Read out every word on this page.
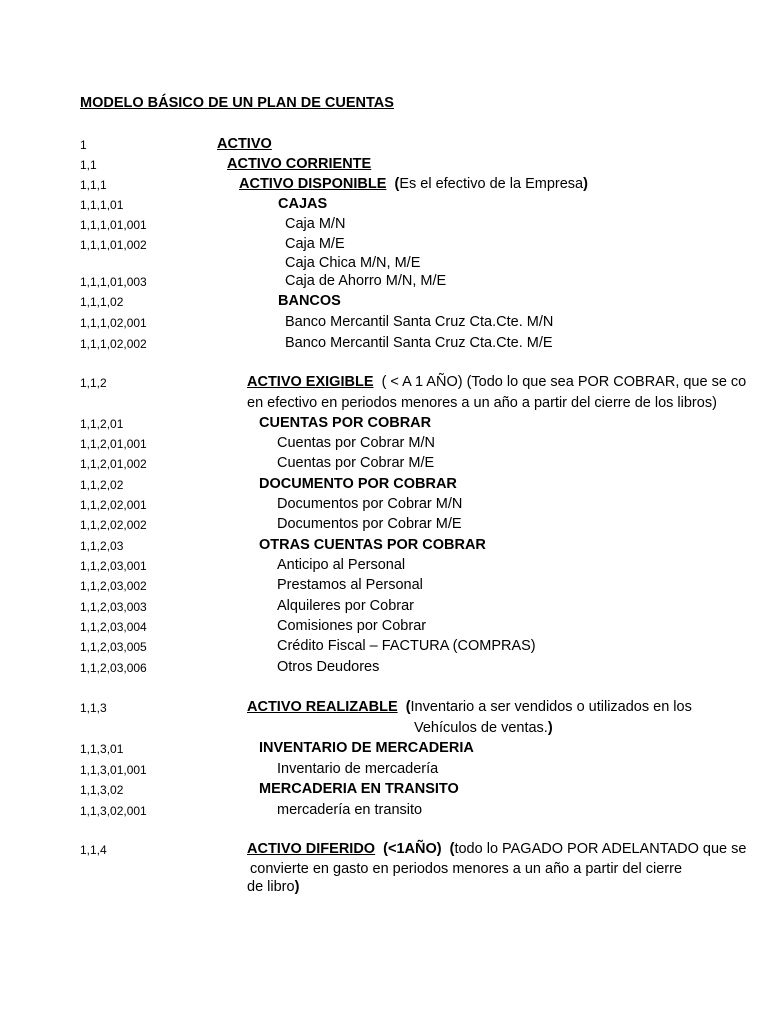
MODELO BÁSICO DE UN PLAN DE CUENTAS
1	ACTIVO
1,1	ACTIVO CORRIENTE
1,1,1	ACTIVO DISPONIBLE  (Es el efectivo de la Empresa)
1,1,1,01	CAJAS
1,1,1,01,001	Caja M/N
1,1,1,01,002	Caja M/E
Caja Chica M/N, M/E
1,1,1,01,003	Caja de Ahorro M/N, M/E
1,1,1,02	BANCOS
1,1,1,02,001	Banco Mercantil Santa Cruz Cta.Cte. M/N
1,1,1,02,002	Banco Mercantil Santa Cruz Cta.Cte. M/E
1,1,2	ACTIVO EXIGIBLE ( < A 1 AÑO) (Todo lo que sea POR COBRAR, que se co
en efectivo en periodos menores a un año a partir del cierre de los libros)
1,1,2,01	CUENTAS POR COBRAR
1,1,2,01,001	Cuentas por Cobrar M/N
1,1,2,01,002	Cuentas por Cobrar M/E
1,1,2,02	DOCUMENTO POR COBRAR
1,1,2,02,001	Documentos por Cobrar M/N
1,1,2,02,002	Documentos por Cobrar M/E
1,1,2,03	OTRAS CUENTAS POR COBRAR
1,1,2,03,001	Anticipo al Personal
1,1,2,03,002	Prestamos al Personal
1,1,2,03,003	Alquileres por Cobrar
1,1,2,03,004	Comisiones por Cobrar
1,1,2,03,005	Crédito Fiscal – FACTURA (COMPRAS)
1,1,2,03,006	Otros Deudores
1,1,3	ACTIVO REALIZABLE  (Inventario a ser vendidos o utilizados en los
Vehículos de ventas.)
1,1,3,01	INVENTARIO DE MERCADERIA
1,1,3,01,001	Inventario de mercadería
1,1,3,02	MERCADERIA EN TRANSITO
1,1,3,02,001	mercadería en transito
1,1,4	ACTIVO DIFERIDO (<1AÑO)  (todo lo PAGADO POR ADELANTADO que se
convierte en gasto en periodos menores a un año a partir del cierre
de libro)
